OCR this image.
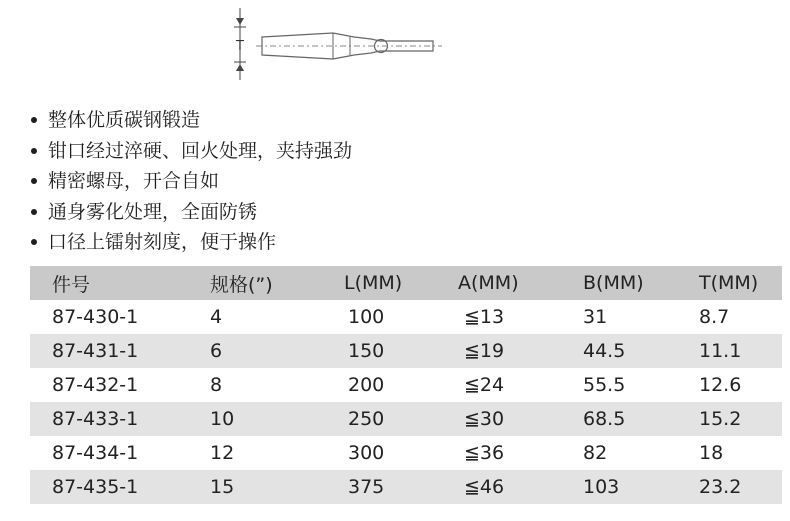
T
整体优质碳钢锻造
钳口经过淬硬、回火处理，夹持强劲
精密螺母，开合自如
通身雾化处理，全面防锈
口径上镭射刻度，便于操作
件号	规格(”)	L(MM)	A(MM)	B(MM)	T(MM)
87-430-1	4	100	≦13	31	8.7
87-431-1	6	150	≦19	44.5	11.1
87-432-1	8	200	≦24	55.5	12.6
87-433-1	10	250	≦30	68.5	15.2
87-434-1	12	300	≦36	82	18
87-435-1	15	375	≦46	103	23.2
